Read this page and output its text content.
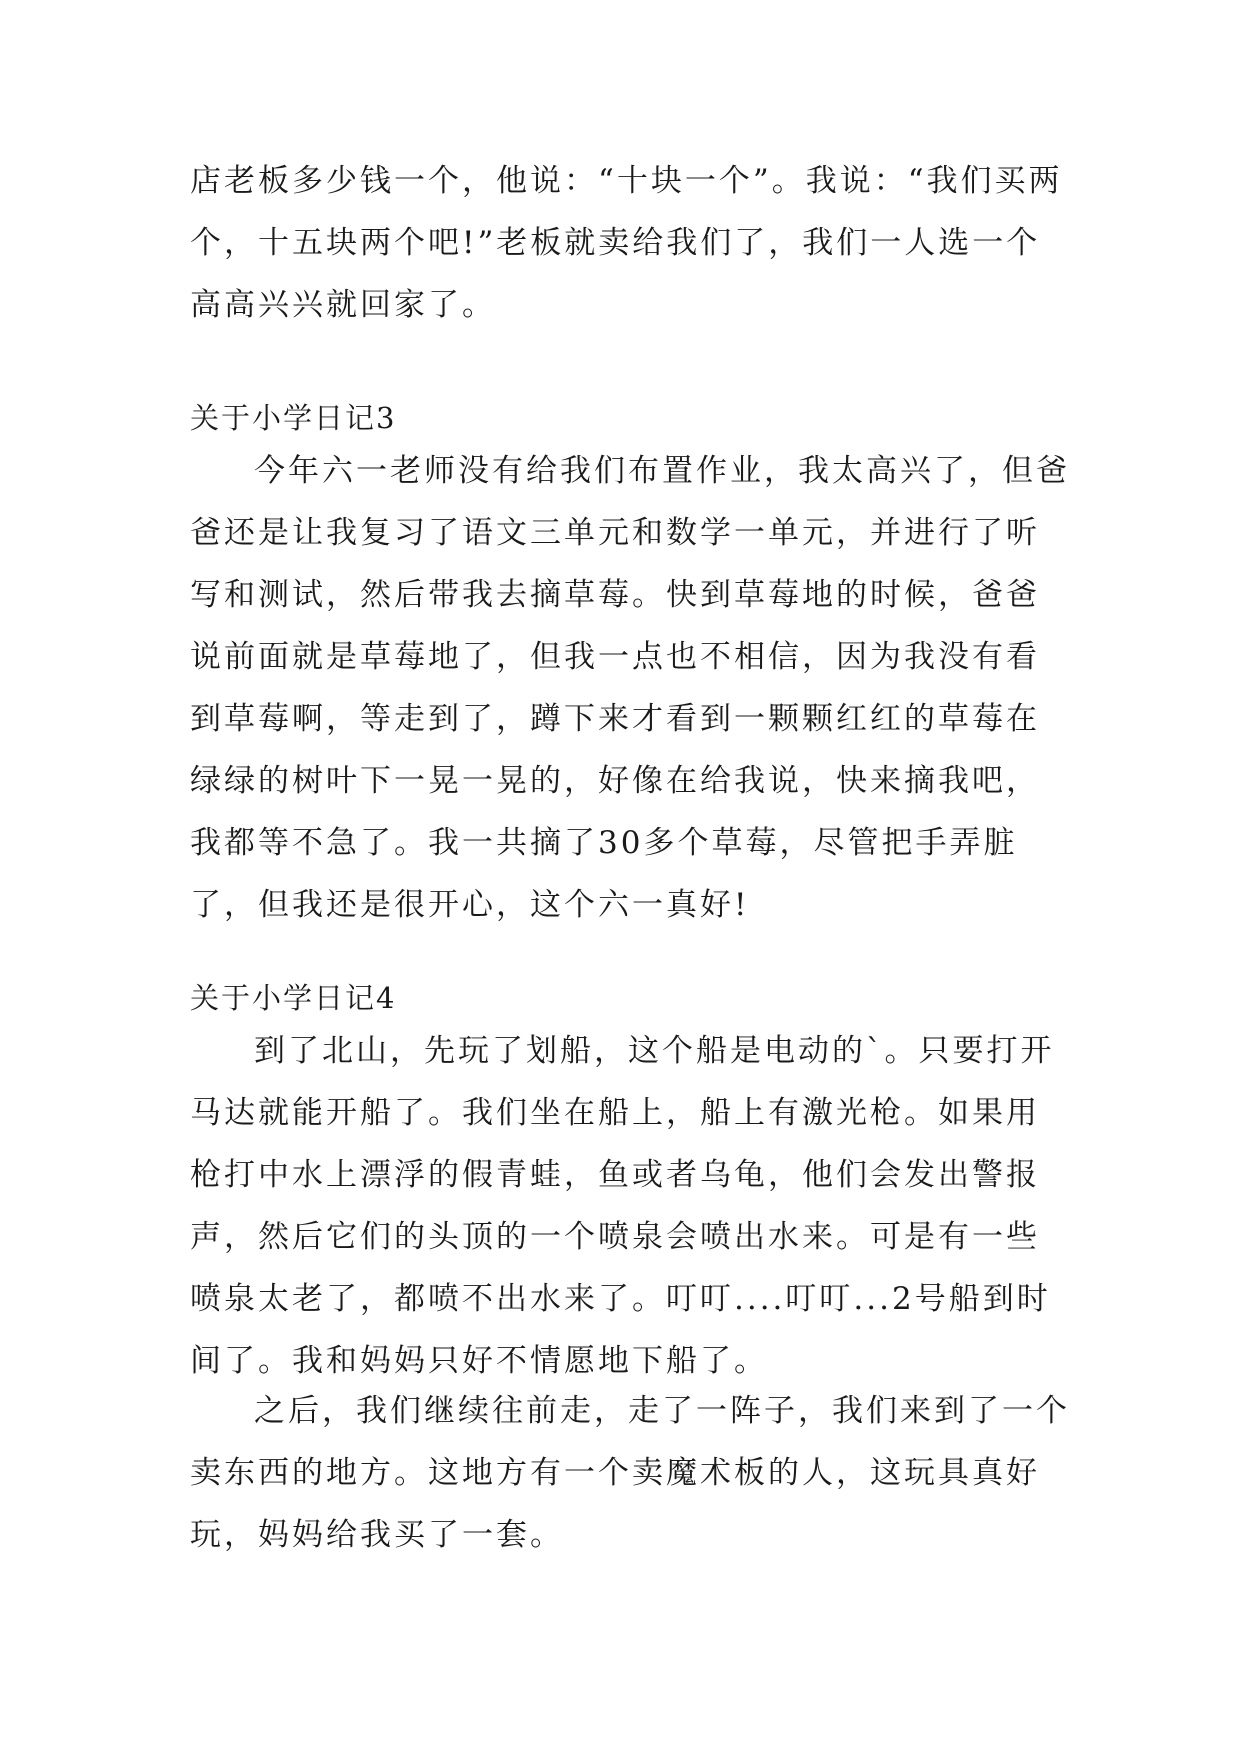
店老板多少钱一个，他说：“十块一个”。我说：“我们买两个，十五块两个吧!”老板就卖给我们了，我们一人选一个高高兴兴就回家了。

关于小学日记3

今年六一老师没有给我们布置作业，我太高兴了，但爸爸还是让我复习了语文三单元和数学一单元，并进行了听写和测试，然后带我去摘草莓。快到草莓地的时候，爸爸说前面就是草莓地了，但我一点也不相信，因为我没有看到草莓啊，等走到了，蹲下来才看到一颗颗红红的草莓在绿绿的树叶下一晃一晃的，好像在给我说，快来摘我吧，我都等不急了。我一共摘了30多个草莓，尽管把手弄脏了，但我还是很开心，这个六一真好!

关于小学日记4

到了北山，先玩了划船，这个船是电动的`。只要打开马达就能开船了。我们坐在船上，船上有激光枪。如果用枪打中水上漂浮的假青蛙，鱼或者乌龟，他们会发出警报声，然后它们的头顶的一个喷泉会喷出水来。可是有一些喷泉太老了，都喷不出水来了。叮叮....叮叮...2号船到时间了。我和妈妈只好不情愿地下船了。

之后，我们继续往前走，走了一阵子，我们来到了一个卖东西的地方。这地方有一个卖魔术板的人，这玩具真好玩，妈妈给我买了一套。
